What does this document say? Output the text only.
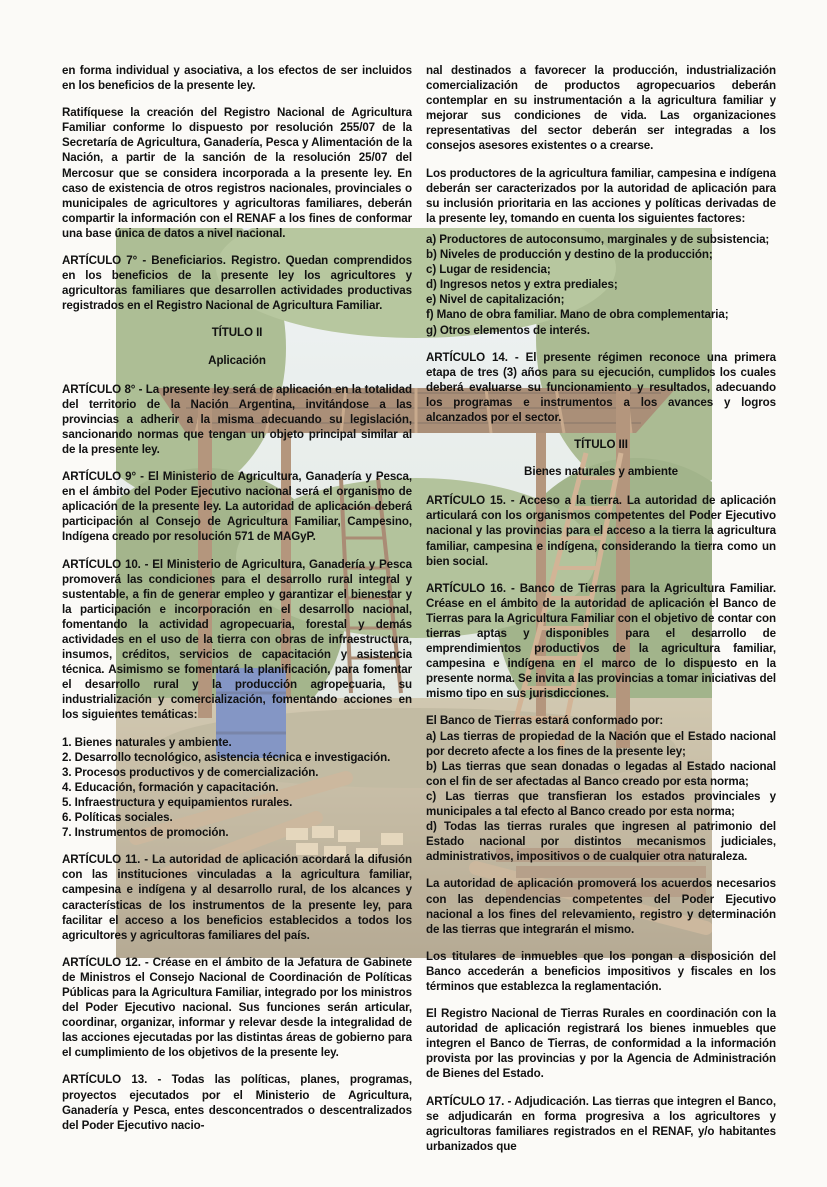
en forma individual y asociativa, a los efectos de ser incluidos en los beneficios de la presente ley.

Ratifíquese la creación del Registro Nacional de Agricultura Familiar conforme lo dispuesto por resolución 255/07 de la Secretaría de Agricultura, Ganadería, Pesca y Alimentación de la Nación, a partir de la sanción de la resolución 25/07 del Mercosur que se considera incorporada a la presente ley. En caso de existencia de otros registros nacionales, provinciales o municipales de agricultores y agricultoras familiares, deberán compartir la información con el RENAF a los fines de conformar una base única de datos a nivel nacional.

ARTÍCULO 7° - Beneficiarios. Registro. Quedan comprendidos en los beneficios de la presente ley los agricultores y agricultoras familiares que desarrollen actividades productivas registrados en el Registro Nacional de Agricultura Familiar.

TÍTULO II

Aplicación

ARTÍCULO 8° - La presente ley será de aplicación en la totalidad del territorio de la Nación Argentina, invitándose a las provincias a adherir a la misma adecuando su legislación, sancionando normas que tengan un objeto principal similar al de la presente ley.

ARTÍCULO 9° - El Ministerio de Agricultura, Ganadería y Pesca, en el ámbito del Poder Ejecutivo nacional será el organismo de aplicación de la presente ley. La autoridad de aplicación deberá participación al Consejo de Agricultura Familiar, Campesino, Indígena creado por resolución 571 de MAGyP.

ARTÍCULO 10. - El Ministerio de Agricultura, Ganadería y Pesca promoverá las condiciones para el desarrollo rural integral y sustentable, a fin de generar empleo y garantizar el bienestar y la participación e incorporación en el desarrollo nacional, fomentando la actividad agropecuaria, forestal y demás actividades en el uso de la tierra con obras de infraestructura, insumos, créditos, servicios de capacitación y asistencia técnica. Asimismo se fomentará la planificación, para fomentar el desarrollo rural y la producción agropecuaria, su industrialización y comercialización, fomentando acciones en los siguientes temáticas:

1. Bienes naturales y ambiente.
2. Desarrollo tecnológico, asistencia técnica e investigación.
3. Procesos productivos y de comercialización.
4. Educación, formación y capacitación.
5. Infraestructura y equipamientos rurales.
6. Políticas sociales.
7. Instrumentos de promoción.

ARTÍCULO 11. - La autoridad de aplicación acordará la difusión con las instituciones vinculadas a la agricultura familiar, campesina e indígena y al desarrollo rural, de los alcances y características de los instrumentos de la presente ley, para facilitar el acceso a los beneficios establecidos a todos los agricultores y agricultoras familiares del país.

ARTÍCULO 12. - Créase en el ámbito de la Jefatura de Gabinete de Ministros el Consejo Nacional de Coordinación de Políticas Públicas para la Agricultura Familiar, integrado por los ministros del Poder Ejecutivo nacional. Sus funciones serán articular, coordinar, organizar, informar y relevar desde la integralidad de las acciones ejecutadas por las distintas áreas de gobierno para el cumplimiento de los objetivos de la presente ley.

ARTÍCULO 13. - Todas las políticas, planes, programas, proyectos ejecutados por el Ministerio de Agricultura, Ganadería y Pesca, entes desconcentrados o descentralizados del Poder Ejecutivo nacio-

nal destinados a favorecer la producción, industrialización comercialización de productos agropecuarios deberán contemplar en su instrumentación a la agricultura familiar y mejorar sus condiciones de vida. Las organizaciones representativas del sector deberán ser integradas a los consejos asesores existentes o a crearse.

Los productores de la agricultura familiar, campesina e indígena deberán ser caracterizados por la autoridad de aplicación para su inclusión prioritaria en las acciones y políticas derivadas de la presente ley, tomando en cuenta los siguientes factores:

a) Productores de autoconsumo, marginales y de subsistencia;
b) Niveles de producción y destino de la producción;
c) Lugar de residencia;
d) Ingresos netos y extra prediales;
e) Nivel de capitalización;
f) Mano de obra familiar. Mano de obra complementaria;
g) Otros elementos de interés.

ARTÍCULO 14. - El presente régimen reconoce una primera etapa de tres (3) años para su ejecución, cumplidos los cuales deberá evaluarse su funcionamiento y resultados, adecuando los programas e instrumentos a los avances y logros alcanzados por el sector.

TÍTULO III

Bienes naturales y ambiente

ARTÍCULO 15. - Acceso a la tierra. La autoridad de aplicación articulará con los organismos competentes del Poder Ejecutivo nacional y las provincias para el acceso a la tierra la agricultura familiar, campesina e indígena, considerando la tierra como un bien social.

ARTÍCULO 16. - Banco de Tierras para la Agricultura Familiar. Créase en el ámbito de la autoridad de aplicación el Banco de Tierras para la Agricultura Familiar con el objetivo de contar con tierras aptas y disponibles para el desarrollo de emprendimientos productivos de la agricultura familiar, campesina e indígena en el marco de lo dispuesto en la presente norma. Se invita a las provincias a tomar iniciativas del mismo tipo en sus jurisdicciones.

El Banco de Tierras estará conformado por:

a) Las tierras de propiedad de la Nación que el Estado nacional por decreto afecte a los fines de la presente ley;
b) Las tierras que sean donadas o legadas al Estado nacional con el fin de ser afectadas al Banco creado por esta norma;
c) Las tierras que transfieran los estados provinciales y municipales a tal efecto al Banco creado por esta norma;
d) Todas las tierras rurales que ingresen al patrimonio del Estado nacional por distintos mecanismos judiciales, administrativos, impositivos o de cualquier otra naturaleza.

La autoridad de aplicación promoverá los acuerdos necesarios con las dependencias competentes del Poder Ejecutivo nacional a los fines del relevamiento, registro y determinación de las tierras que integrarán el mismo.

Los titulares de inmuebles que los pongan a disposición del Banco accederán a beneficios impositivos y fiscales en los términos que establezca la reglamentación.

El Registro Nacional de Tierras Rurales en coordinación con la autoridad de aplicación registrará los bienes inmuebles que integren el Banco de Tierras, de conformidad a la información provista por las provincias y por la Agencia de Administración de Bienes del Estado.

ARTÍCULO 17. - Adjudicación. Las tierras que integren el Banco, se adjudicarán en forma progresiva a los agricultores y agricultoras familiares registrados en el RENAF, y/o habitantes urbanizados que
